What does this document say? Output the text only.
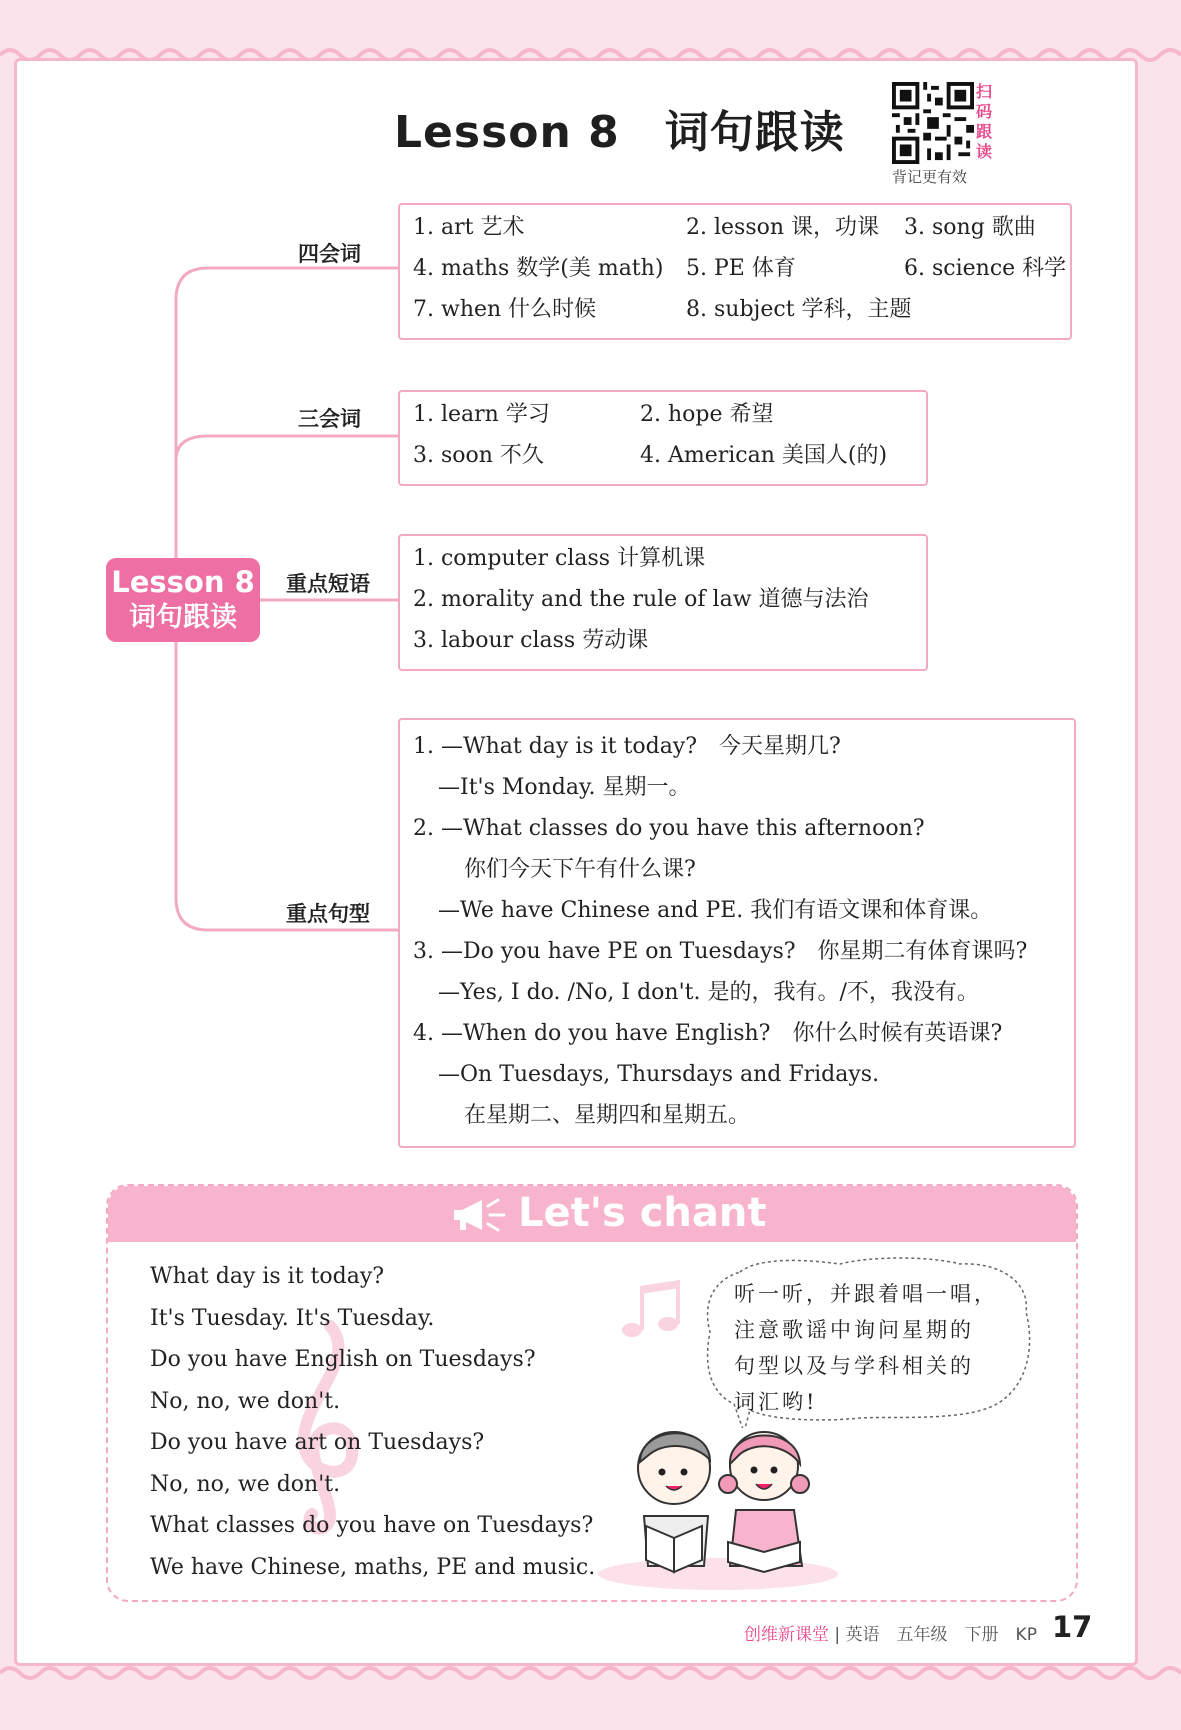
Lesson 8　词句跟读
扫码跟读
背记更有效
Lesson 8
词句跟读
四会词
1. art 艺术	2. lesson 课，功课 3. song 歌曲
4. maths 数学(美 math) 5. PE 体育	6. science 科学
7. when 什么时候	8. subject 学科，主题
三会词 1. learn 学习	2. hope 希望
3. soon 不久	4. American 美国人(的)
重点短语
1. computer class 计算机课
2. morality and the rule of law 道德与法治
3. labour class 劳动课
重点句型
1. —What day is it today?　今天星期几?
—It's Monday. 星期一。
2. —What classes do you have this afternoon?
你们今天下午有什么课?
—We have Chinese and PE. 我们有语文课和体育课。
3. —Do you have PE on Tuesdays?　你星期二有体育课吗?
—Yes, I do. /No, I don't. 是的，我有。/不，我没有。
4. —When do you have English?　你什么时候有英语课?
—On Tuesdays, Thursdays and Fridays.
在星期二、星期四和星期五。
Let's chant
What day is it today?
It's Tuesday. It's Tuesday.
Do you have English on Tuesdays?
No, no, we don't.
Do you have art on Tuesdays?
No, no, we don't.
What classes do you have on Tuesdays?
We have Chinese, maths, PE and music.
听一听，并跟着唱一唱，
注意歌谣中询问星期的
句型以及与学科相关的
词汇哟!
创维新课堂 | 英语　五年级　下册　KP 17
